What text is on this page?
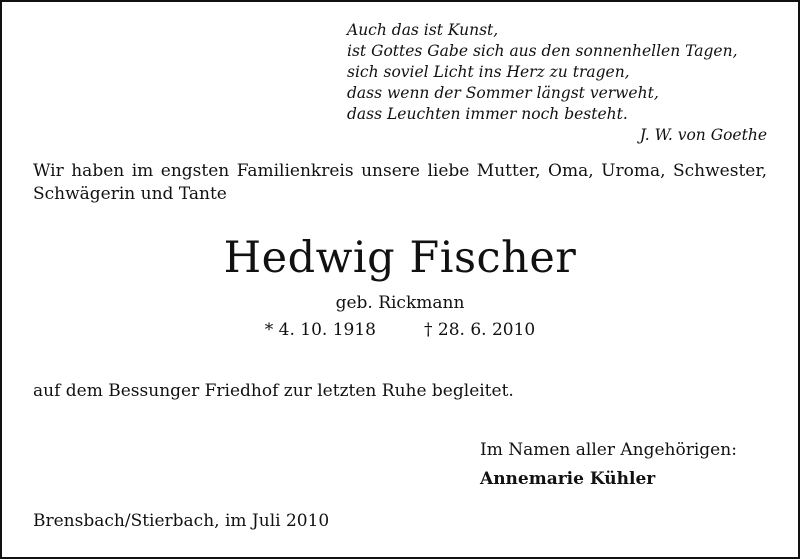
Auch das ist Kunst,
ist Gottes Gabe sich aus den sonnenhellen Tagen,
sich soviel Licht ins Herz zu tragen,
dass wenn der Sommer längst verweht,
dass Leuchten immer noch besteht.
J. W. von Goethe
Wir haben im engsten Familienkreis unsere liebe Mutter, Oma, Uroma, Schwester, Schwägerin und Tante
Hedwig Fischer
geb. Rickmann
* 4. 10. 1918	† 28. 6. 2010
auf dem Bessunger Friedhof zur letzten Ruhe begleitet.
Im Namen aller Angehörigen:
Annemarie Kühler
Brensbach/Stierbach, im Juli 2010
